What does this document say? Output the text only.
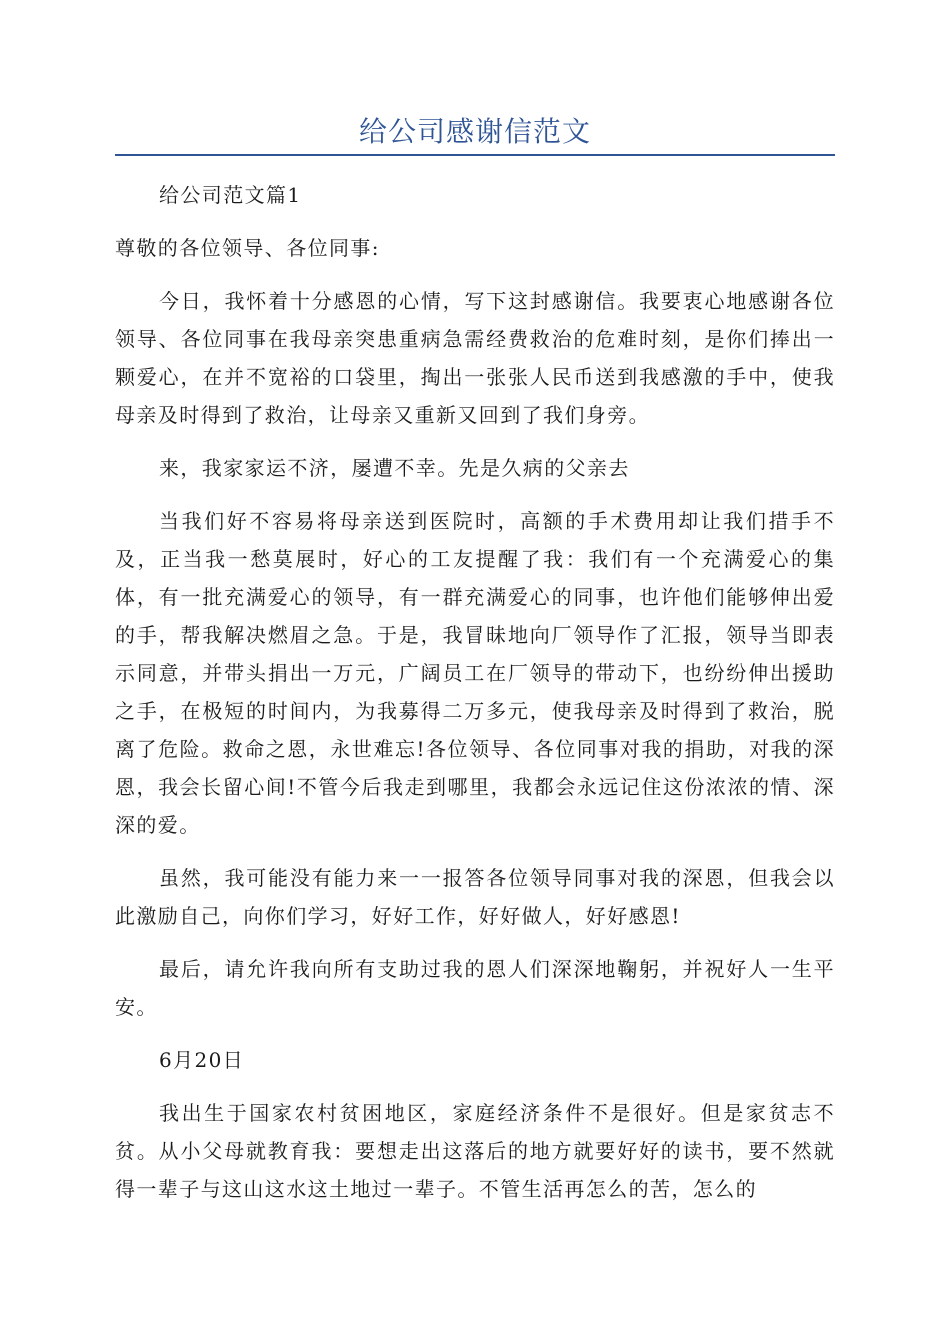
给公司感谢信范文

给公司范文篇1

尊敬的各位领导、各位同事:

今日，我怀着十分感恩的心情，写下这封感谢信。我要衷心地感谢各位领导、各位同事在我母亲突患重病急需经费救治的危难时刻，是你们捧出一颗爱心，在并不宽裕的口袋里，掏出一张张人民币送到我感激的手中，使我母亲及时得到了救治，让母亲又重新又回到了我们身旁。

来，我家家运不济，屡遭不幸。先是久病的父亲去

当我们好不容易将母亲送到医院时，高额的手术费用却让我们措手不及，正当我一愁莫展时，好心的工友提醒了我：我们有一个充满爱心的集体，有一批充满爱心的领导，有一群充满爱心的同事，也许他们能够伸出爱的手，帮我解决燃眉之急。于是，我冒昧地向厂领导作了汇报，领导当即表示同意，并带头捐出一万元，广阔员工在厂领导的带动下，也纷纷伸出援助之手，在极短的时间内，为我募得二万多元，使我母亲及时得到了救治，脱离了危险。救命之恩，永世难忘!各位领导、各位同事对我的捐助，对我的深恩，我会长留心间!不管今后我走到哪里，我都会永远记住这份浓浓的情、深深的爱。

虽然，我可能没有能力来一一报答各位领导同事对我的深恩，但我会以此激励自己，向你们学习，好好工作，好好做人，好好感恩!

最后，请允许我向所有支助过我的恩人们深深地鞠躬，并祝好人一生平安。

6月20日

我出生于国家农村贫困地区，家庭经济条件不是很好。但是家贫志不贫。从小父母就教育我：要想走出这落后的地方就要好好的读书，要不然就得一辈子与这山这水这土地过一辈子。不管生活再怎么的苦，怎么的
